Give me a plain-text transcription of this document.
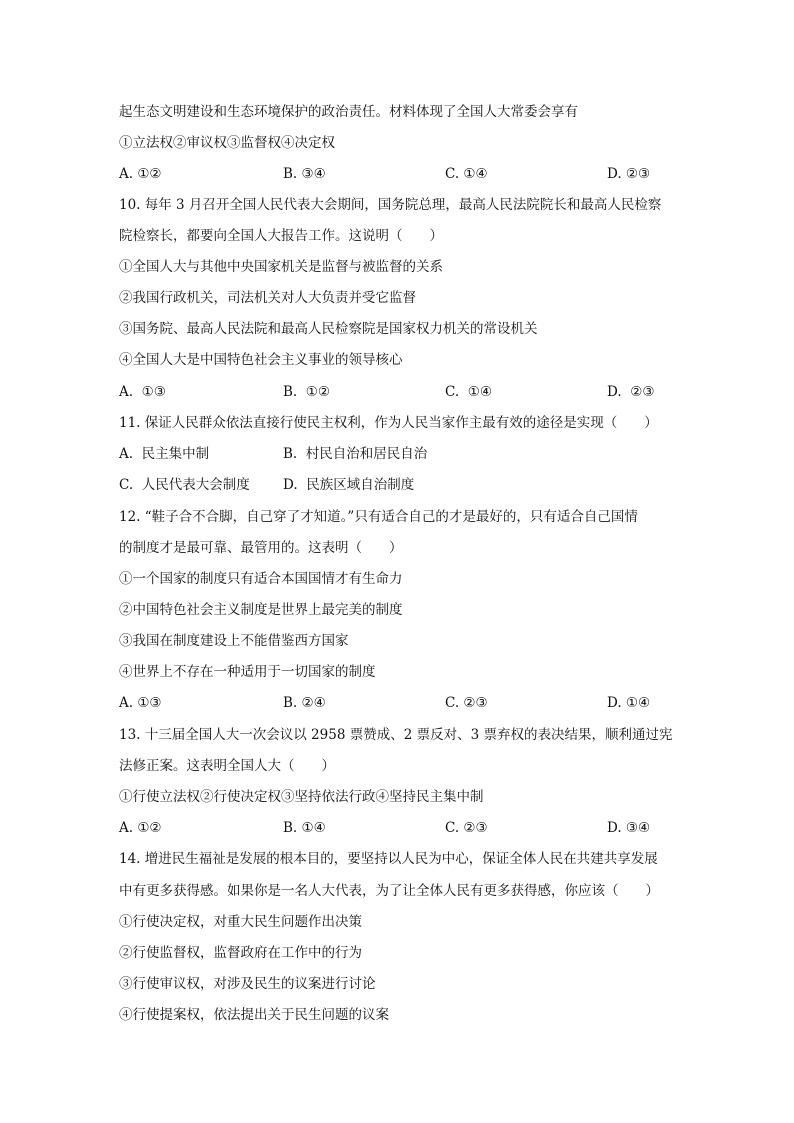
起生态文明建设和生态环境保护的政治责任。材料体现了全国人大常委会享有
①立法权②审议权③监督权④决定权
A. ①②	B. ③④	C. ①④	D. ②③
10. 每年 3 月召开全国人民代表大会期间，国务院总理，最高人民法院院长和最高人民检察
院检察长，都要向全国人大报告工作。这说明（　　）
①全国人大与其他中央国家机关是监督与被监督的关系
②我国行政机关，司法机关对人大负责并受它监督
③国务院、最高人民法院和最高人民检察院是国家权力机关的常设机关
④全国人大是中国特色社会主义事业的领导核心
A.  ①③	B.  ①②	C.  ①④	D.  ②③
11. 保证人民群众依法直接行使民主权利，作为人民当家作主最有效的途径是实现（　　）
A.  民主集中制	B.  村民自治和居民自治
C.  人民代表大会制度 D.  民族区域自治制度
12. “鞋子合不合脚，自己穿了才知道。”只有适合自己的才是最好的，只有适合自己国情
的制度才是最可靠、最管用的。这表明（　　）
①一个国家的制度只有适合本国国情才有生命力
②中国特色社会主义制度是世界上最完美的制度
③我国在制度建设上不能借鉴西方国家
④世界上不存在一种适用于一切国家的制度
A. ①③	B. ②④	C. ②③	D. ①④
13. 十三届全国人大一次会议以 2958 票赞成、2 票反对、3 票弃权的表决结果，顺利通过宪
法修正案。这表明全国人大（　　）
①行使立法权②行使决定权③坚持依法行政④坚持民主集中制
A. ①②	B. ①④	C. ②③	D. ③④
14. 增进民生福祉是发展的根本目的，要坚持以人民为中心，保证全体人民在共建共享发展
中有更多获得感。如果你是一名人大代表，为了让全体人民有更多获得感，你应该（　　）
①行使决定权，对重大民生问题作出决策
②行使监督权，监督政府在工作中的行为
③行使审议权，对涉及民生的议案进行讨论
④行使提案权，依法提出关于民生问题的议案
